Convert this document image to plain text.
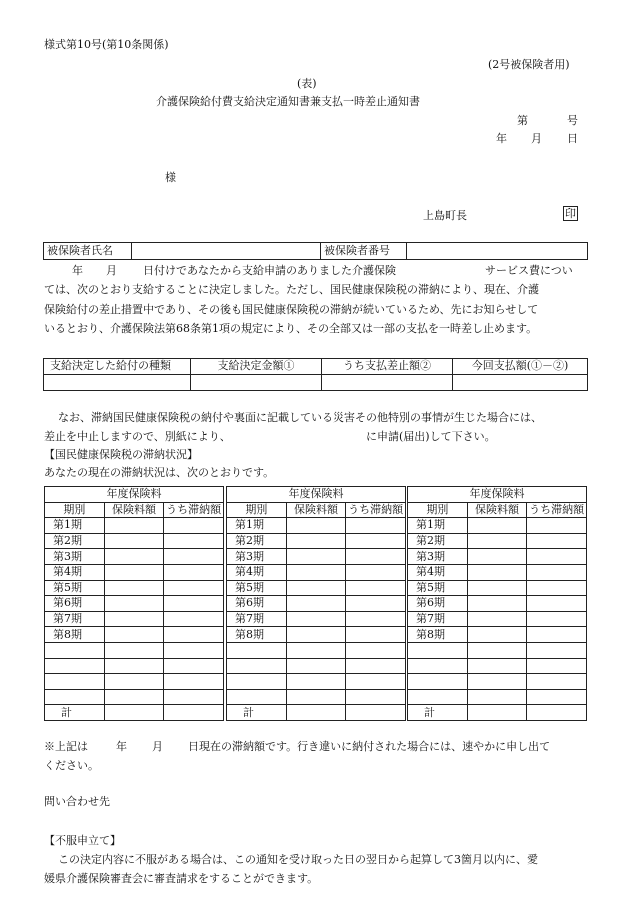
様式第10号(第10条関係)
(2号被保険者用)
(表)
介護保険給付費支給決定通知書兼支払一時差止通知書
第	号
年 月 日
様
上島町長	印
被保険者氏名		被保険者番号	
年 月 日付けであなたから支給申請のありました介護保険	サービス費につい
ては、次のとおり支給することに決定しました。ただし、国民健康保険税の滞納により、現在、介護
保険給付の差止措置中であり、その後も国民健康保険税の滞納が続いているため、先にお知らせして
いるとおり、介護保険法第68条第1項の規定により、その全部又は一部の支払を一時差し止めます。
支給決定した給付の種類	支給決定金額①	うち支払差止額②	今回支払額(①－②)

なお、滞納国民健康保険税の納付や裏面に記載している災害その他特別の事情が生じた場合には、
差止を中止しますので、別紙により、	に申請(届出)して下さい。
【国民健康保険税の滞納状況】
あなたの現在の滞納状況は、次のとおりです。
年度保険料		
期別	保険料額	うち滞納額
第1期		
第2期		
第3期		
第4期		
第5期		
第6期		
第7期		
第8期		

計		
年度保険料		
期別	保険料額	うち滞納額
第1期		
第2期		
第3期		
第4期		
第5期		
第6期		
第7期		
第8期		

計		
年度保険料		
期別	保険料額	うち滞納額
第1期		
第2期		
第3期		
第4期		
第5期		
第6期		
第7期		
第8期		

計		
※上記は	年 月 日現在の滞納額です。行き違いに納付された場合には、速やかに申し出て
ください。
問い合わせ先
【不服申立て】
この決定内容に不服がある場合は、この通知を受け取った日の翌日から起算して3箇月以内に、愛
媛県介護保険審査会に審査請求をすることができます。
